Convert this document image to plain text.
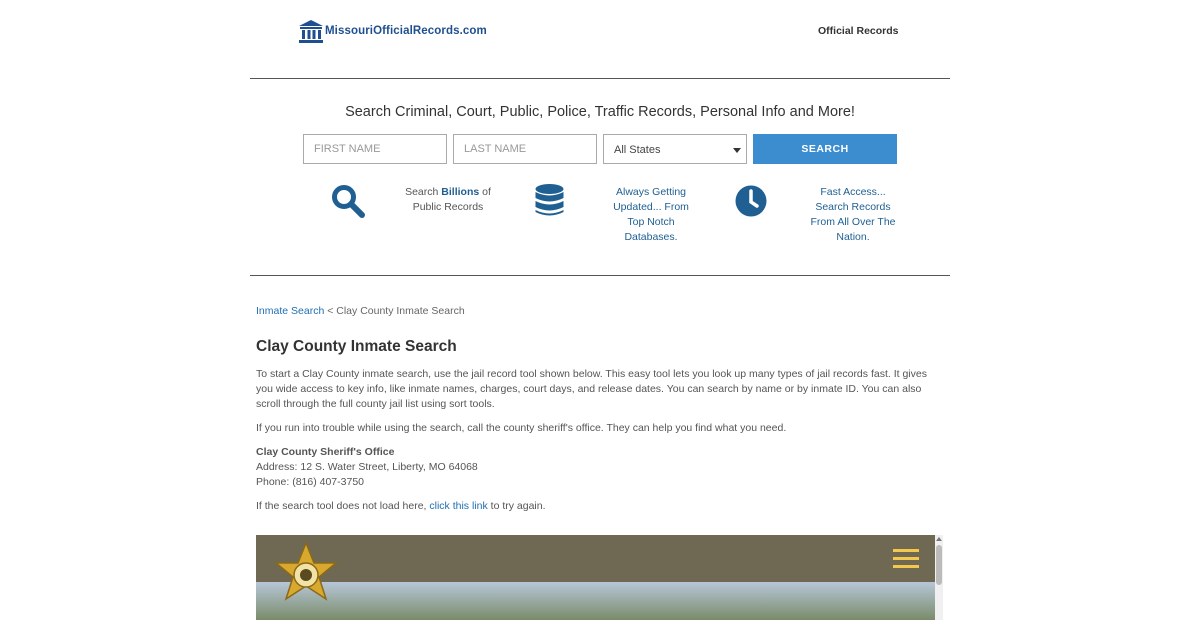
MissouriOfficialRecords.com	Official Records
Search Criminal, Court, Public, Police, Traffic Records, Personal Info and More!
FIRST NAME
LAST NAME
All States	SEARCH
Search Billions of Public Records
Always Getting Updated... From
Top Notch Databases.
Fast Access...
Search Records From All Over The Nation.
Inmate Search < Clay County Inmate Search
Clay County Inmate Search

To start a Clay County inmate search, use the jail record tool shown below. This easy tool lets you look up many types of jail records fast. It gives you wide access to key info, like inmate names, charges, court days, and release dates. You can search by name or by inmate ID. You can also scroll through the full county jail list using sort tools.

If you run into trouble while using the search, call the county sheriff's office. They can help you find what you need.

Clay County Sheriff's Office
Address: 12 S. Water Street, Liberty, MO 64068
Phone: (816) 407-3750

If the search tool does not load here, click this link to try again.
